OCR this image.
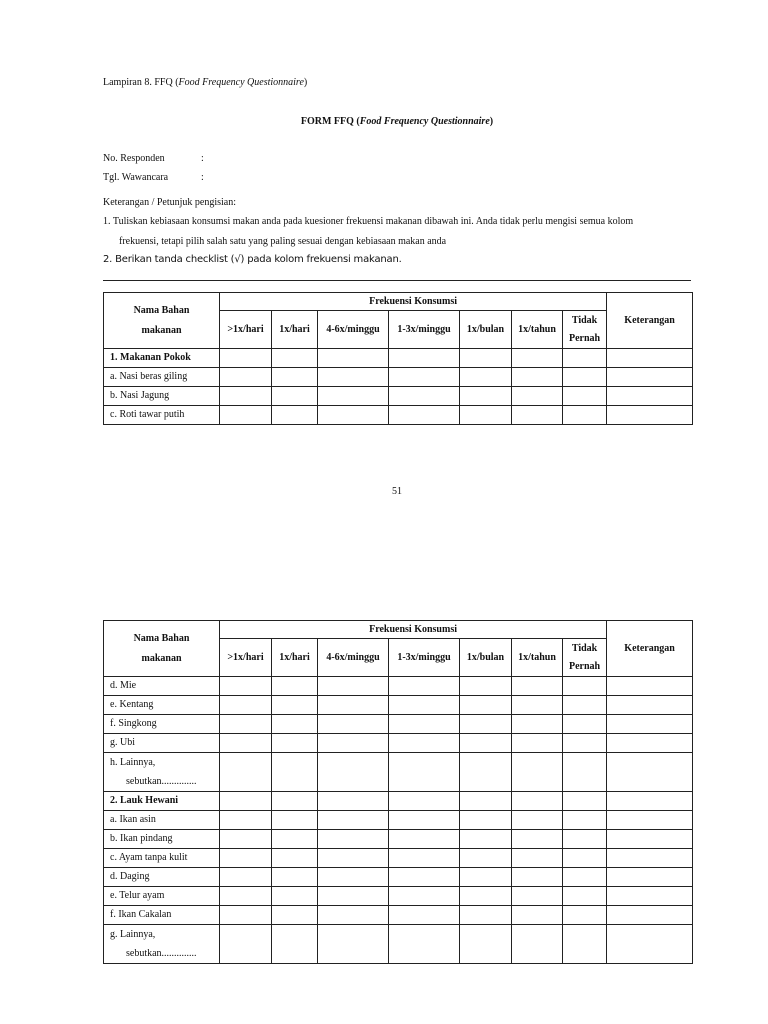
Lampiran 8. FFQ (Food Frequency Questionnaire)
FORM FFQ (Food Frequency Questionnaire)
No. Responden	:
Tgl. Wawancara	:
Keterangan / Petunjuk pengisian:
1. Tuliskan kebiasaan konsumsi makan anda pada kuesioner frekuensi makanan dibawah ini. Anda tidak perlu mengisi semua kolom
frekuensi, tetapi pilih salah satu yang paling sesuai dengan kebiasaan makan anda
2. Berikan tanda checklist (√) pada kolom frekuensi makanan.
Nama Bahan
makanan	Frekuensi Konsumsi							Keterangan
	>1x/hari	1x/hari	4-6x/minggu	1-3x/minggu	1x/bulan	1x/tahun	Tidak
Pernah	

1. Makanan Pokok								
a. Nasi beras giling								
b. Nasi Jagung								
c. Roti tawar putih								
51
Nama Bahan
makanan	Frekuensi Konsumsi							Keterangan
	>1x/hari	1x/hari	4-6x/minggu	1-3x/minggu	1x/bulan	1x/tahun	Tidak
Pernah	

d. Mie								
e. Kentang								
f. Singkong								
g. Ubi								
h. Lainnya,
sebutkan..............								

2. Lauk Hewani								
a. Ikan asin								
b. Ikan pindang								
c. Ayam tanpa kulit								
d. Daging								
e. Telur ayam								
f. Ikan Cakalan								
g. Lainnya,
sebutkan..............								
